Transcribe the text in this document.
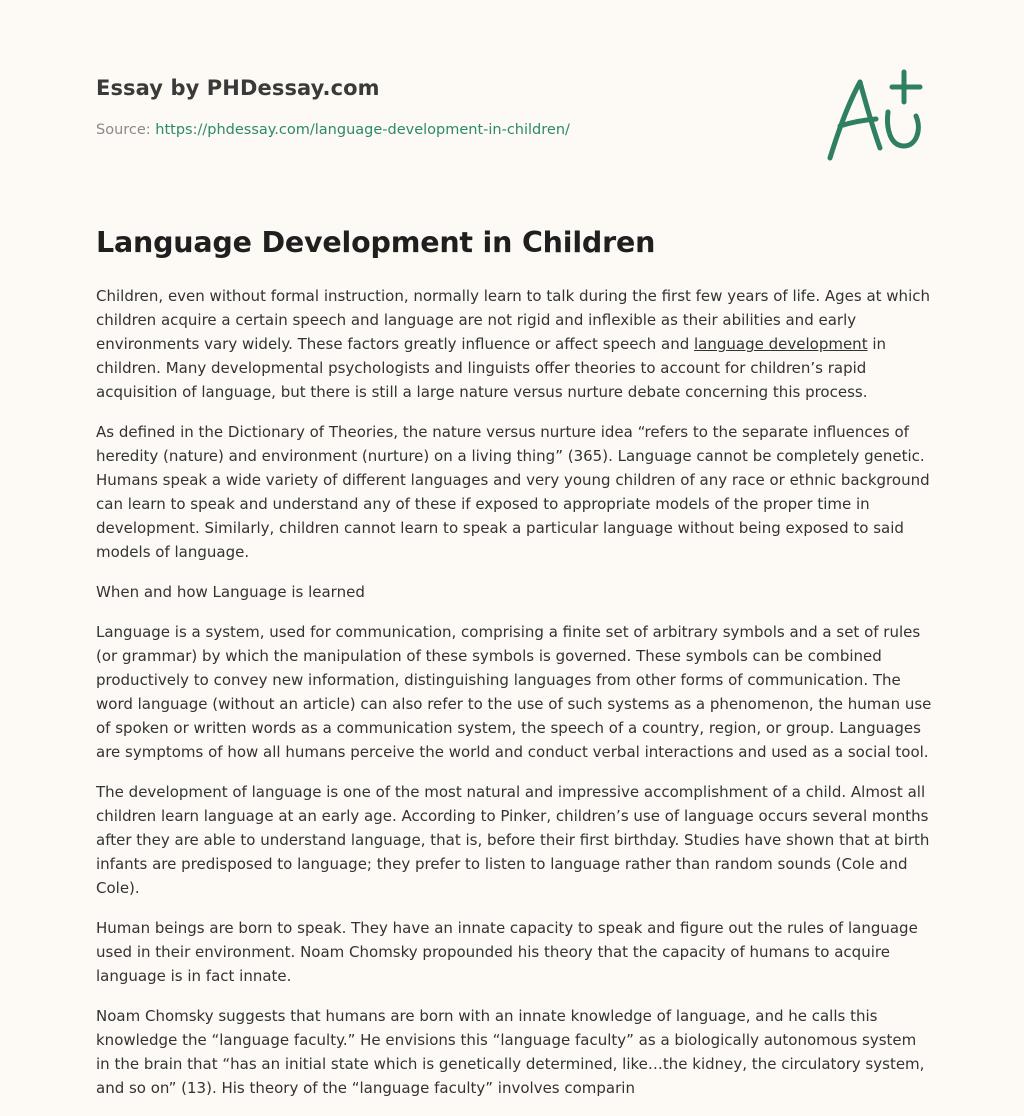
Essay by PHDessay.com
Source: https://phdessay.com/language-development-in-children/
Language Development in Children

Children, even without formal instruction, normally learn to talk during the first few years of life. Ages at which children acquire a certain speech and language are not rigid and inflexible as their abilities and early environments vary widely. These factors greatly influence or affect speech and language development in children. Many developmental psychologists and linguists offer theories to account for children’s rapid acquisition of language, but there is still a large nature versus nurture debate concerning this process.

As defined in the Dictionary of Theories, the nature versus nurture idea “refers to the separate influences of heredity (nature) and environment (nurture) on a living thing” (365). Language cannot be completely genetic. Humans speak a wide variety of different languages and very young children of any race or ethnic background can learn to speak and understand any of these if exposed to appropriate models of the proper time in development. Similarly, children cannot learn to speak a particular language without being exposed to said models of language.

When and how Language is learned

Language is a system, used for communication, comprising a finite set of arbitrary symbols and a set of rules (or grammar) by which the manipulation of these symbols is governed. These symbols can be combined productively to convey new information, distinguishing languages from other forms of communication. The word language (without an article) can also refer to the use of such systems as a phenomenon, the human use of spoken or written words as a communication system, the speech of a country, region, or group. Languages are symptoms of how all humans perceive the world and conduct verbal interactions and used as a social tool.

The development of language is one of the most natural and impressive accomplishment of a child. Almost all children learn language at an early age. According to Pinker, children’s use of language occurs several months after they are able to understand language, that is, before their first birthday. Studies have shown that at birth infants are predisposed to language; they prefer to listen to language rather than random sounds (Cole and Cole).

Human beings are born to speak. They have an innate capacity to speak and figure out the rules of language used in their environment. Noam Chomsky propounded his theory that the capacity of humans to acquire language is in fact innate.

Noam Chomsky suggests that humans are born with an innate knowledge of language, and he calls this knowledge the “language faculty.” He envisions this “language faculty” as a biologically autonomous system in the brain that “has an initial state which is genetically determined, like…the kidney, the circulatory system, and so on” (13). His theory of the “language faculty” involves comparin
